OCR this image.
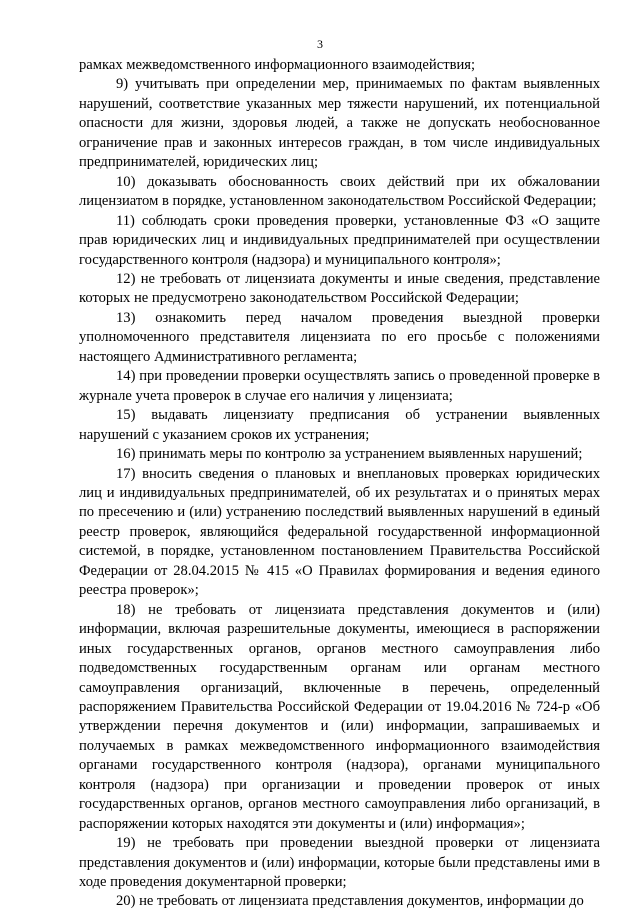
3

рамках межведомственного информационного взаимодействия;

9) учитывать при определении мер, принимаемых по фактам выявленных нарушений, соответствие указанных мер тяжести нарушений, их потенциальной опасности для жизни, здоровья людей, а также не допускать необоснованное ограничение прав и законных интересов граждан, в том числе индивидуальных предпринимателей, юридических лиц;

10) доказывать обоснованность своих действий при их обжаловании лицензиатом в порядке, установленном законодательством Российской Федерации;

11) соблюдать сроки проведения проверки, установленные ФЗ «О защите прав юридических лиц и индивидуальных предпринимателей при осуществлении государственного контроля (надзора) и муниципального контроля»;

12) не требовать от лицензиата документы и иные сведения, представление которых не предусмотрено законодательством Российской Федерации;

13) ознакомить перед началом проведения выездной проверки уполномоченного представителя лицензиата по его просьбе с положениями настоящего Административного регламента;

14) при проведении проверки осуществлять запись о проведенной проверке в журнале учета проверок в случае его наличия у лицензиата;

15) выдавать лицензиату предписания об устранении выявленных нарушений с указанием сроков их устранения;

16) принимать меры по контролю за устранением выявленных нарушений;

17) вносить сведения о плановых и внеплановых проверках юридических лиц и индивидуальных предпринимателей, об их результатах и о принятых мерах по пресечению и (или) устранению последствий выявленных нарушений в единый реестр проверок, являющийся федеральной государственной информационной системой, в порядке, установленном постановлением Правительства Российской Федерации от 28.04.2015 № 415 «О Правилах формирования и ведения единого реестра проверок»;

18) не требовать от лицензиата представления документов и (или) информации, включая разрешительные документы, имеющиеся в распоряжении иных государственных органов, органов местного самоуправления либо подведомственных государственным органам или органам местного самоуправления организаций, включенные в перечень, определенный распоряжением Правительства Российской Федерации от 19.04.2016 № 724-р «Об утверждении перечня документов и (или) информации, запрашиваемых и получаемых в рамках межведомственного информационного взаимодействия органами государственного контроля (надзора), органами муниципального контроля (надзора) при организации и проведении проверок от иных государственных органов, органов местного самоуправления либо организаций, в распоряжении которых находятся эти документы и (или) информация»;

19) не требовать при проведении выездной проверки от лицензиата представления документов и (или) информации, которые были представлены ими в ходе проведения документарной проверки;

20) не требовать от лицензиата представления документов, информации до
